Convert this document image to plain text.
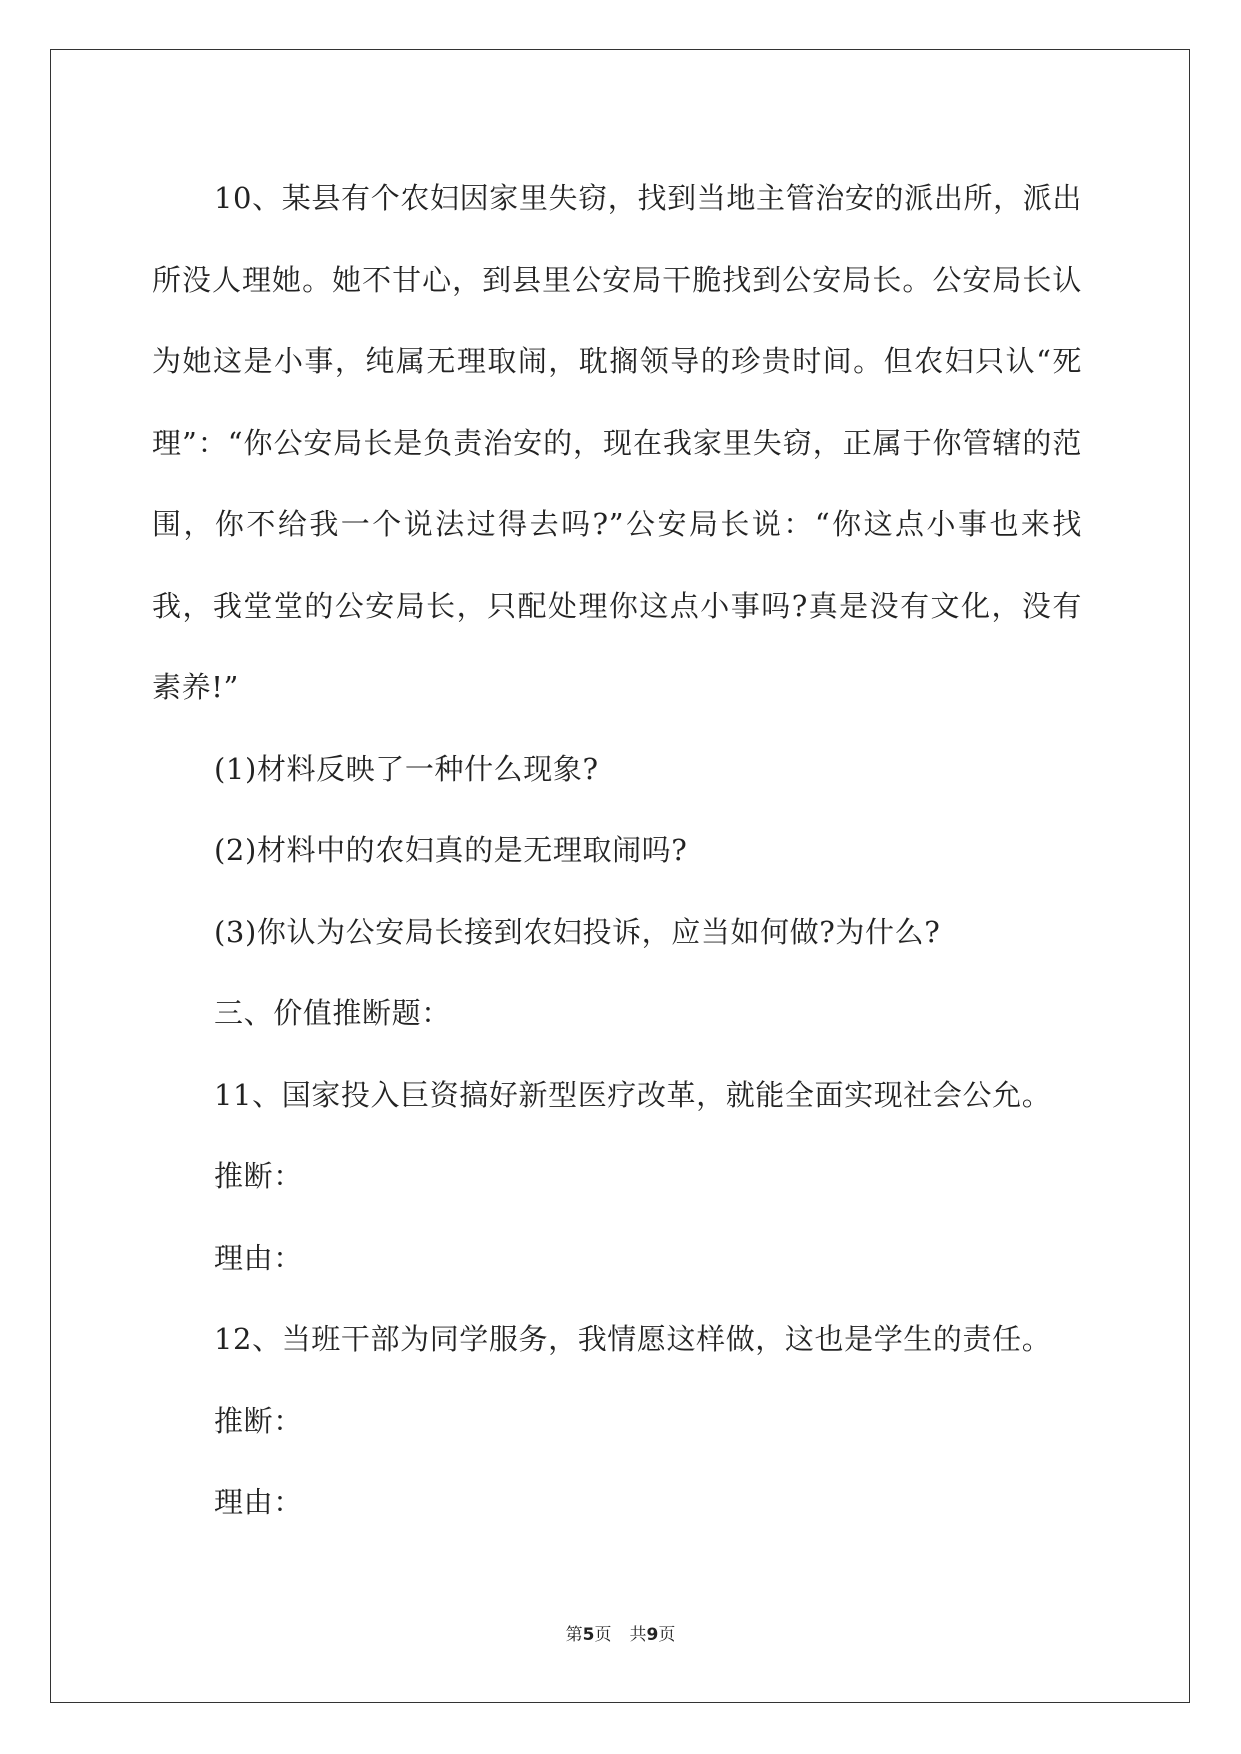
10、某县有个农妇因家里失窃，找到当地主管治安的派出所，派出所没人理她。她不甘心，到县里公安局干脆找到公安局长。公安局长认为她这是小事，纯属无理取闹，耽搁领导的珍贵时间。但农妇只认“死理”：“你公安局长是负责治安的，现在我家里失窃，正属于你管辖的范围，你不给我一个说法过得去吗?”公安局长说：“你这点小事也来找我，我堂堂的公安局长，只配处理你这点小事吗?真是没有文化，没有素养!”

(1)材料反映了一种什么现象?

(2)材料中的农妇真的是无理取闹吗?

(3)你认为公安局长接到农妇投诉，应当如何做?为什么?

三、价值推断题：

11、国家投入巨资搞好新型医疗改革，就能全面实现社会公允。

推断：

理由：

12、当班干部为同学服务，我情愿这样做，这也是学生的责任。

推断：

理由：

第5页 共9页
